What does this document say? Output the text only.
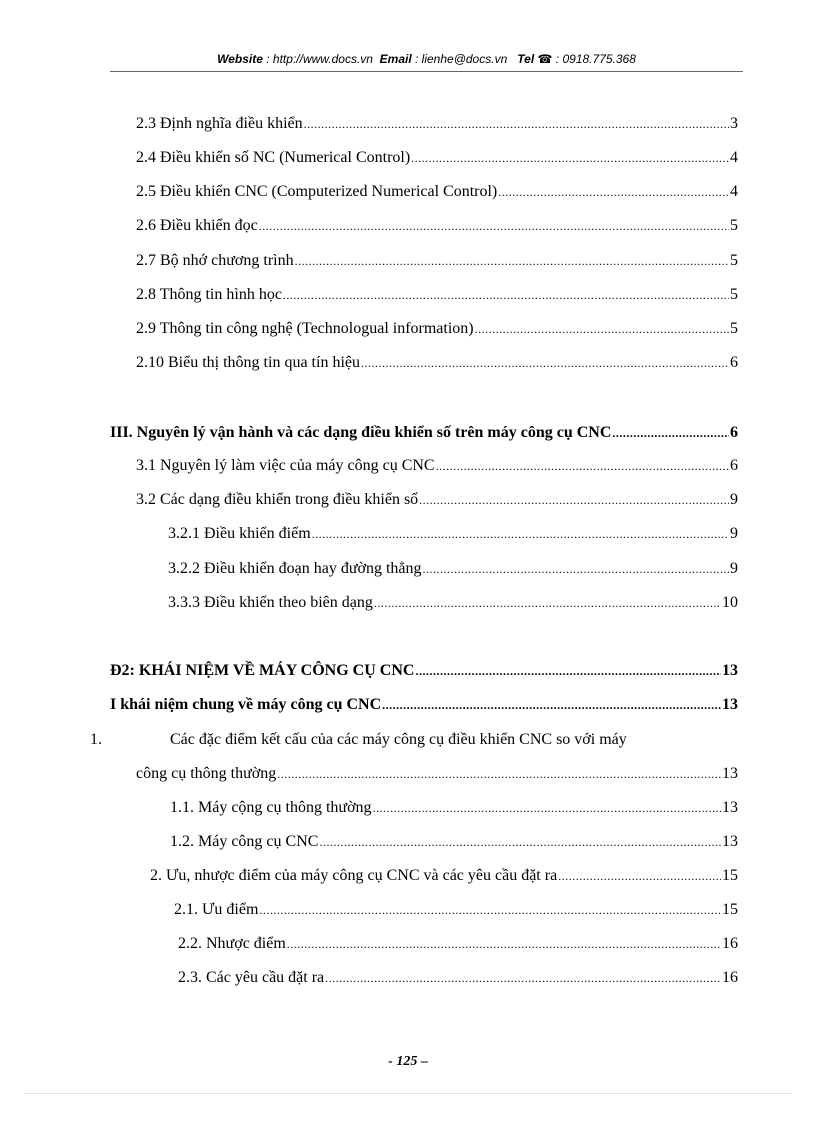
Website : http://www.docs.vn Email : lienhe@docs.vn Tel ☎ : 0918.775.368
2.3 Định nghĩa điều khiển .....	3
2.4 Điều khiển số NC (Numerical Control) .....	4
2.5 Điều khiển CNC (Computerized Numerical Control) .....	4
2.6 Điều khiển đọc .....	5
2.7 Bộ nhớ chương trình .....	5
2.8 Thông tin hình học .....	5
2.9 Thông tin công nghệ (Technologual information) .....	5
2.10 Biểu thị thông tin qua tín hiệu .....	6
III. Nguyên lý vận hành và các dạng điều khiển số trên máy công cụ CNC .....	6
3.1 Nguyên lý làm việc của máy công cụ CNC .....	6
3.2 Các dạng điều khiển trong điều khiển số .....	9
3.2.1 Điều khiển điểm .....	9
3.2.2 Điều khiển đoạn hay đường thẳng .....	9
3.3.3 Điều khiển theo biên dạng .....	10
Đ2: KHÁI NIỆM VỀ MÁY CÔNG CỤ CNC .....	13
I khái niệm chung về máy công cụ CNC .....	13
1.	Các đặc điểm kết cấu của các máy công cụ điều khiển CNC so với máy
công cụ thông thường .....	13
1.1. Máy cộng cụ thông thường .....	13
1.2. Máy công cụ CNC .....	13
2. Ưu, nhược điểm của máy công cụ CNC và các yêu cầu đặt ra .....	15
2.1. Ưu điểm .....	15
2.2. Nhược điểm .....	16
2.3. Các yêu cầu đặt ra .....	16
- 125 –
